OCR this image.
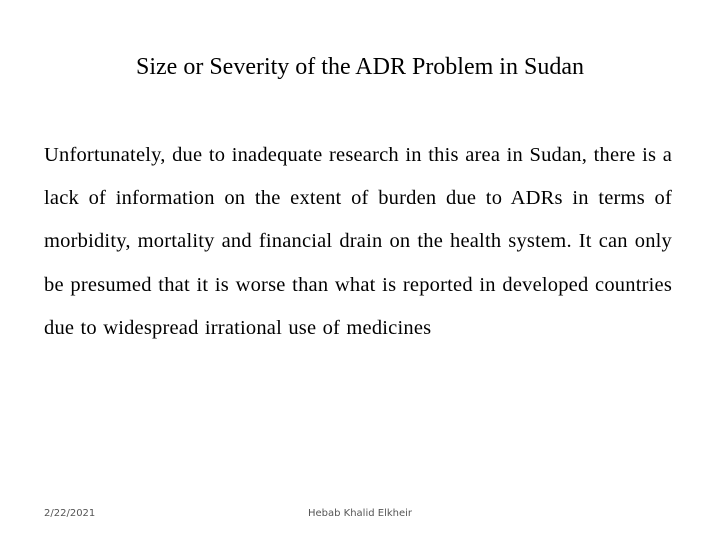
Size or Severity of the ADR Problem in Sudan

Unfortunately, due to inadequate research in this area in Sudan, there is a lack of information on the extent of burden due to ADRs in terms of morbidity, mortality and financial drain on the health system. It can only be presumed that it is worse than what is reported in developed countries due to widespread irrational use of medicines

2/22/2021	Hebab Khalid Elkheir
